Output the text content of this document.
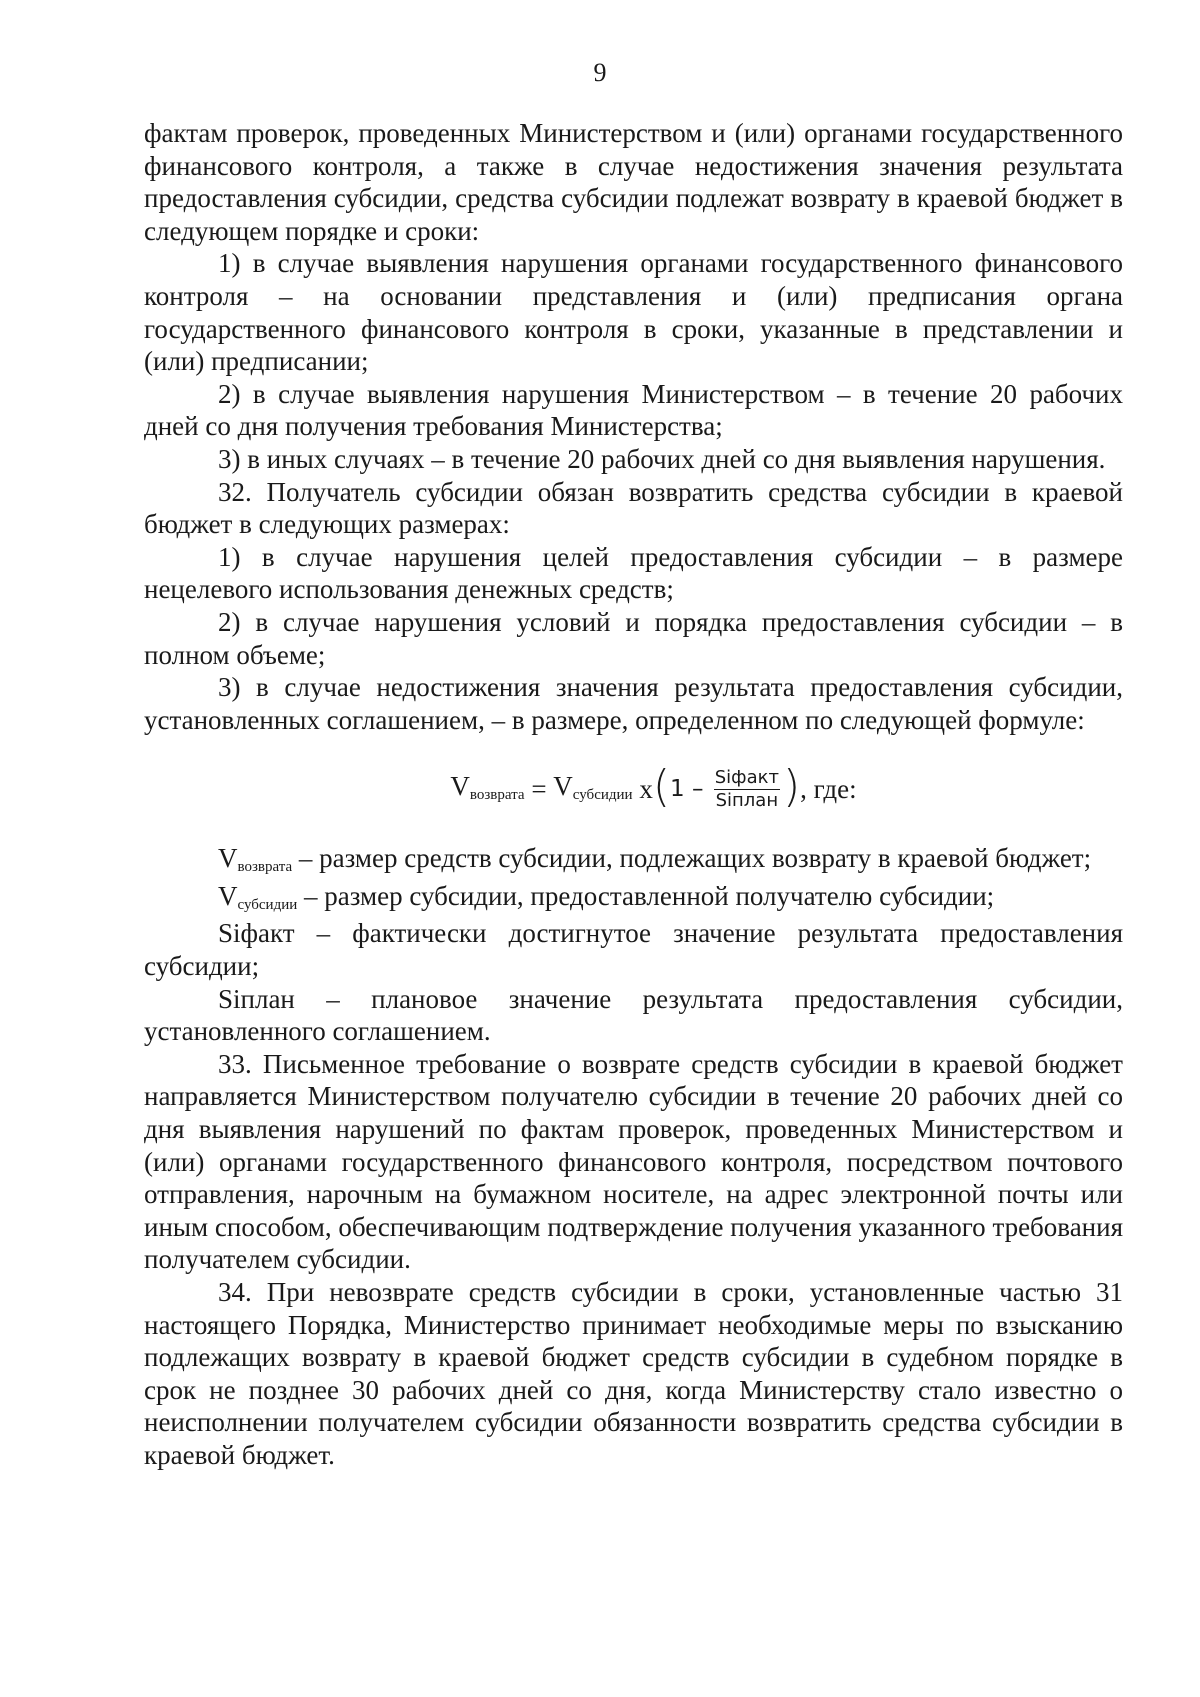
9

фактам проверок, проведенных Министерством и (или) органами государственного финансового контроля, а также в случае недостижения значения результата предоставления субсидии, средства субсидии подлежат возврату в краевой бюджет в следующем порядке и сроки:

1) в случае выявления нарушения органами государственного финансового контроля – на основании представления и (или) предписания органа государственного финансового контроля в сроки, указанные в представлении и (или) предписании;

2) в случае выявления нарушения Министерством – в течение 20 рабочих дней со дня получения требования Министерства;

3) в иных случаях – в течение 20 рабочих дней со дня выявления нарушения.

32. Получатель субсидии обязан возвратить средства субсидии в краевой бюджет в следующих размерах:

1) в случае нарушения целей предоставления субсидии – в размере нецелевого использования денежных средств;

2) в случае нарушения условий и порядка предоставления субсидии – в полном объеме;

3) в случае недостижения значения результата предоставления субсидии, установленных соглашением, – в размере, определенном по следующей формуле:

Vвозврата = Vсубсидии x ( $1 - \frac{\text{Siфакт}}{\text{Siплан}}$ ) , где:

Vвозврата – размер средств субсидии, подлежащих возврату в краевой бюджет;

Vсубсидии – размер субсидии, предоставленной получателю субсидии;

Siфакт – фактически достигнутое значение результата предоставления субсидии;

Siплан – плановое значение результата предоставления субсидии, установленного соглашением.

33. Письменное требование о возврате средств субсидии в краевой бюджет направляется Министерством получателю субсидии в течение 20 рабочих дней со дня выявления нарушений по фактам проверок, проведенных Министерством и (или) органами государственного финансового контроля, посредством почтового отправления, нарочным на бумажном носителе, на адрес электронной почты или иным способом, обеспечивающим подтверждение получения указанного требования получателем субсидии.

34. При невозврате средств субсидии в сроки, установленные частью 31 настоящего Порядка, Министерство принимает необходимые меры по взысканию подлежащих возврату в краевой бюджет средств субсидии в судебном порядке в срок не позднее 30 рабочих дней со дня, когда Министерству стало известно о неисполнении получателем субсидии обязанности возвратить средства субсидии в краевой бюджет.
